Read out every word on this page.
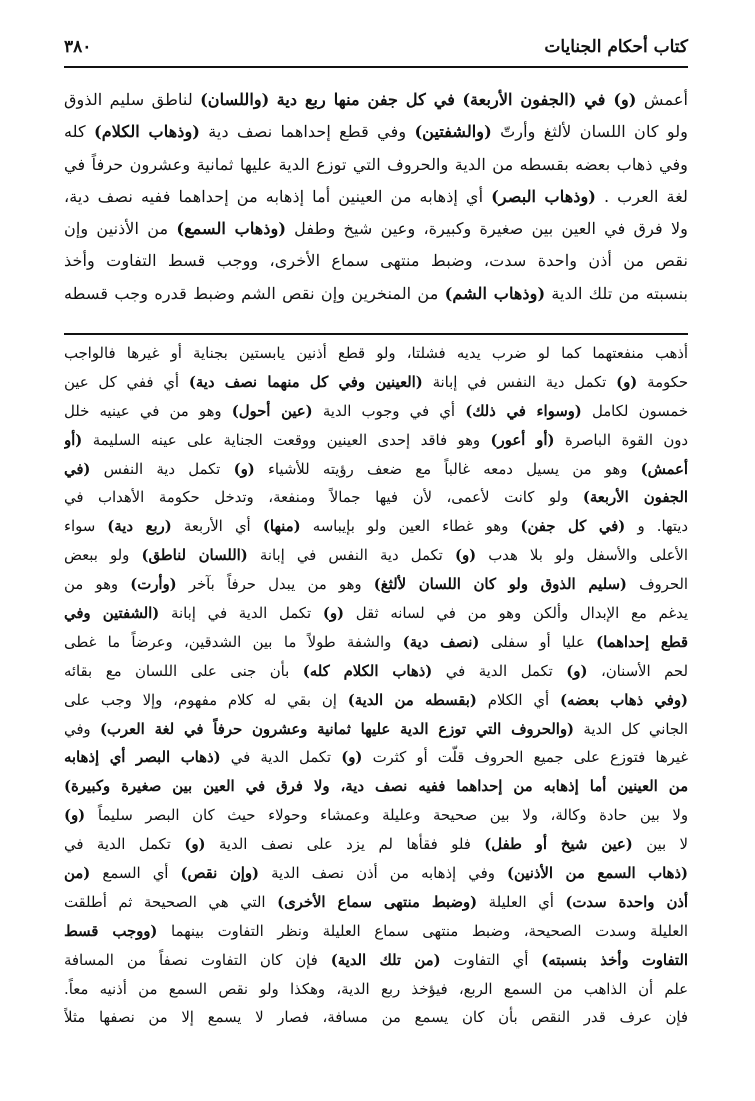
كتاب أحكام الجنايات
٣٨٠
أعمش (و) في (الجفون الأربعة) في كل جفن منها ربع دية (واللسان) لناطق سليم الذوق
ولو كان اللسان لألثغ وأرتّ (والشفتين) وفي قطع إحداهما نصف دية (وذهاب الكلام) كله
وفي ذهاب بعضه بقسطه من الدية والحروف التي توزع الدية عليها ثمانية وعشرون حرفاً في
لغة العرب . (وذهاب البصر) أي إذهابه من العينين أما إذهابه من إحداهما ففيه نصف دية،
ولا فرق في العين بين صغيرة وكبيرة، وعين شيخ وطفل (وذهاب السمع) من الأذنين وإن
نقص من أذن واحدة سدت، وضبط منتهى سماع الأخرى، ووجب قسط التفاوت وأخذ
بنسبته من تلك الدية (وذهاب الشم) من المنخرين وإن نقص الشم وضبط قدره وجب قسطه
أذهب منفعتهما كما لو ضرب يديه فشلتا، ولو قطع أذنين يابستين بجناية أو غيرها فالواجب
حكومة (و) تكمل دية النفس في إبانة (العينين وفي كل منهما نصف دية) أي ففي كل عين
خمسون لكامل (وسواء في ذلك) أي في وجوب الدية (عين أحول) وهو من في عينيه خلل
دون القوة الباصرة (أو أعور) وهو فاقد إحدى العينين ووقعت الجناية على عينه السليمة (أو
أعمش) وهو من يسيل دمعه غالباً مع ضعف رؤيته للأشياء (و) تكمل دية النفس (في
الجفون الأربعة) ولو كانت لأعمى، لأن فيها جمالاً ومنفعة، وتدخل حكومة الأهداب في
ديتها. و (في كل جفن) وهو غطاء العين ولو بإيباسه (منها) أي الأربعة (ربع دية) سواء
الأعلى والأسفل ولو بلا هدب (و) تكمل دية النفس في إبانة (اللسان لناطق) ولو ببعض
الحروف (سليم الذوق ولو كان اللسان لألثغ) وهو من يبدل حرفاً بآخر (وأرت) وهو من
يدغم مع الإبدال وألكن وهو من في لسانه ثقل (و) تكمل الدية في إبانة (الشفتين وفي
قطع إحداهما) عليا أو سفلى (نصف دية) والشفة طولاً ما بين الشدقين، وعرضاً ما غطى
لحم الأسنان، (و) تكمل الدية في (ذهاب الكلام كله) بأن جنى على اللسان مع بقائه
(وفي ذهاب بعضه) أي الكلام (بقسطه من الدية) إن بقي له كلام مفهوم، وإلا وجب على
الجاني كل الدية (والحروف التي توزع الدية عليها ثمانية وعشرون حرفاً في لغة العرب) وفي
غيرها فتوزع على جميع الحروف قلّت أو كثرت (و) تكمل الدية في (ذهاب البصر أي إذهابه
من العينين أما إذهابه من إحداهما ففيه نصف دية، ولا فرق في العين بين صغيرة وكبيرة)
ولا بين حادة وكالة، ولا بين صحيحة وعليلة وعمشاء وحولاء حيث كان البصر سليماً (و)
لا بين (عين شيخ أو طفل) فلو فقأها لم يزد على نصف الدية (و) تكمل الدية في
(ذهاب السمع من الأذنين) وفي إذهابه من أذن نصف الدية (وإن نقص) أي السمع (من
أذن واحدة سدت) أي العليلة (وضبط منتهى سماع الأخرى) التي هي الصحيحة ثم أطلقت
العليلة وسدت الصحيحة، وضبط منتهى سماع العليلة ونظر التفاوت بينهما (ووجب قسط
التفاوت وأخذ بنسبته) أي التفاوت (من تلك الدية) فإن كان التفاوت نصفاً من المسافة
علم أن الذاهب من السمع الربع، فيؤخذ ربع الدية، وهكذا ولو نقص السمع من أذنيه معاً.
فإن عرف قدر النقص بأن كان يسمع من مسافة، فصار لا يسمع إلا من نصفها مثلاً
